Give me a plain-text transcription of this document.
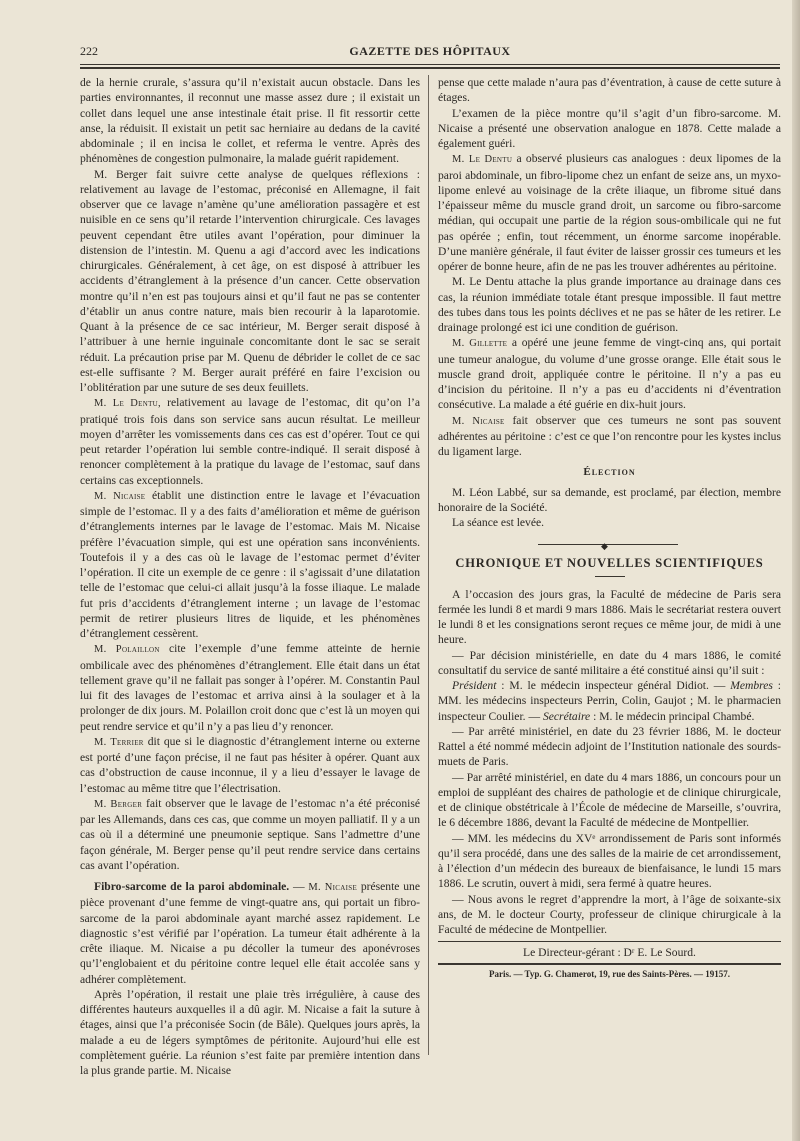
222	GAZETTE DES HÔPITAUX

de la hernie crurale, s’assura qu’il n’existait aucun obstacle. Dans les parties environnantes, il reconnut une masse assez dure ; il existait un collet dans lequel une anse intestinale était prise. Il fit ressortir cette anse, la réduisit. Il existait un petit sac herniaire au dedans de la cavité abdominale ; il en incisa le collet, et referma le ventre. Après des phénomènes de congestion pulmonaire, la malade guérit rapidement.

M. Berger fait suivre cette analyse de quelques réflexions : relativement au lavage de l’estomac, préconisé en Allemagne, il fait observer que ce lavage n’amène qu’une amélioration passagère et est nuisible en ce sens qu’il retarde l’intervention chirurgicale. Ces lavages peuvent cependant être utiles avant l’opération, pour diminuer la distension de l’intestin. M. Quenu a agi d’accord avec les indications chirurgicales. Généralement, à cet âge, on est disposé à attribuer les accidents d’étranglement à la présence d’un cancer. Cette observation montre qu’il n’en est pas toujours ainsi et qu’il faut ne pas se contenter d’établir un anus contre nature, mais bien recourir à la laparotomie. Quant à la présence de ce sac intérieur, M. Berger serait disposé à l’attribuer à une hernie inguinale concomitante dont le sac se serait réduit. La précaution prise par M. Quenu de débrider le collet de ce sac est-elle suffisante ? M. Berger aurait préféré en faire l’excision ou l’oblitération par une suture de ses deux feuillets.

M. Le Dentu, relativement au lavage de l’estomac, dit qu’on l’a pratiqué trois fois dans son service sans aucun résultat. Le meilleur moyen d’arrêter les vomissements dans ces cas est d’opérer. Tout ce qui peut retarder l’opération lui semble contre-indiqué. Il serait disposé à renoncer complètement à la pratique du lavage de l’estomac, sauf dans certains cas exceptionnels.

M. Nicaise établit une distinction entre le lavage et l’évacuation simple de l’estomac. Il y a des faits d’amélioration et même de guérison d’étranglements internes par le lavage de l’estomac. Mais M. Nicaise préfère l’évacuation simple, qui est une opération sans inconvénients. Toutefois il y a des cas où le lavage de l’estomac permet d’éviter l’opération. Il cite un exemple de ce genre : il s’agissait d’une dilatation telle de l’estomac que celui-ci allait jusqu’à la fosse iliaque. Le malade fut pris d’accidents d’étranglement interne ; un lavage de l’estomac permit de retirer plusieurs litres de liquide, et les phénomènes d’étranglement cessèrent.

M. Polaillon cite l’exemple d’une femme atteinte de hernie ombilicale avec des phénomènes d’étranglement. Elle était dans un état tellement grave qu’il ne fallait pas songer à l’opérer. M. Constantin Paul lui fit des lavages de l’estomac et arriva ainsi à la soulager et à la prolonger de dix jours. M. Polaillon croit donc que c’est là un moyen qui peut rendre service et qu’il n’y a pas lieu d’y renoncer.

M. Terrier dit que si le diagnostic d’étranglement interne ou externe est porté d’une façon précise, il ne faut pas hésiter à opérer. Quant aux cas d’obstruction de cause inconnue, il y a lieu d’essayer le lavage de l’estomac au même titre que l’électrisation.

M. Berger fait observer que le lavage de l’estomac n’a été préconisé par les Allemands, dans ces cas, que comme un moyen palliatif. Il y a un cas où il a déterminé une pneumonie septique. Sans l’admettre d’une façon générale, M. Berger pense qu’il peut rendre service dans certains cas avant l’opération.

Fibro-sarcome de la paroi abdominale. — M. Nicaise présente une pièce provenant d’une femme de vingt-quatre ans, qui portait un fibro-sarcome de la paroi abdominale ayant marché assez rapidement. Le diagnostic s’est vérifié par l’opération. La tumeur était adhérente à la crête iliaque. M. Nicaise a pu décoller la tumeur des aponévroses qu’l’englobaient et du péritoine contre lequel elle était accolée sans y adhérer complètement.

Après l’opération, il restait une plaie très irrégulière, à cause des différentes hauteurs auxquelles il a dû agir. M. Nicaise a fait la suture à étages, ainsi que l’a préconisée Socin (de Bâle). Quelques jours après, la malade a eu de légers symptômes de péritonite. Aujourd’hui elle est complètement guérie. La réunion s’est faite par première intention dans la plus grande partie. M. Nicaise

pense que cette malade n’aura pas d’éventration, à cause de cette suture à étages.

L’examen de la pièce montre qu’il s’agit d’un fibro-sarcome. M. Nicaise a présenté une observation analogue en 1878. Cette malade a également guéri.

M. Le Dentu a observé plusieurs cas analogues : deux lipomes de la paroi abdominale, un fibro-lipome chez un enfant de seize ans, un myxo-lipome enlevé au voisinage de la crête iliaque, un fibrome situé dans l’épaisseur même du muscle grand droit, un sarcome ou fibro-sarcome médian, qui occupait une partie de la région sous-ombilicale qui ne fut pas opérée ; enfin, tout récemment, un énorme sarcome inopérable. D’une manière générale, il faut éviter de laisser grossir ces tumeurs et les opérer de bonne heure, afin de ne pas les trouver adhérentes au péritoine.

M. Le Dentu attache la plus grande importance au drainage dans ces cas, la réunion immédiate totale étant presque impossible. Il faut mettre des tubes dans tous les points déclives et ne pas se hâter de les retirer. Le drainage prolongé est ici une condition de guérison.

M. Gillette a opéré une jeune femme de vingt-cinq ans, qui portait une tumeur analogue, du volume d’une grosse orange. Elle était sous le muscle grand droit, appliquée contre le péritoine. Il n’y a pas eu d’incision du péritoine. Il n’y a pas eu d’accidents ni d’éventration consécutive. La malade a été guérie en dix-huit jours.

M. Nicaise fait observer que ces tumeurs ne sont pas souvent adhérentes au péritoine : c’est ce que l’on rencontre pour les kystes inclus du ligament large.

Élection

M. Léon Labbé, sur sa demande, est proclamé, par élection, membre honoraire de la Société.

La séance est levée.

◆

CHRONIQUE ET NOUVELLES SCIENTIFIQUES

A l’occasion des jours gras, la Faculté de médecine de Paris sera fermée les lundi 8 et mardi 9 mars 1886. Mais le secrétariat restera ouvert le lundi 8 et les consignations seront reçues ce même jour, de midi à une heure.

— Par décision ministérielle, en date du 4 mars 1886, le comité consultatif du service de santé militaire a été constitué ainsi qu’il suit :

Président : M. le médecin inspecteur général Didiot. — Membres : MM. les médecins inspecteurs Perrin, Colin, Gaujot ; M. le pharmacien inspecteur Coulier. — Secrétaire : M. le médecin principal Chambé.

— Par arrêté ministériel, en date du 23 février 1886, M. le docteur Rattel a été nommé médecin adjoint de l’Institution nationale des sourds-muets de Paris.

— Par arrêté ministériel, en date du 4 mars 1886, un concours pour un emploi de suppléant des chaires de pathologie et de clinique chirurgicale, et de clinique obstétricale à l’École de médecine de Marseille, s’ouvrira, le 6 décembre 1886, devant la Faculté de médecine de Montpellier.

— MM. les médecins du XVᵉ arrondissement de Paris sont informés qu’il sera procédé, dans une des salles de la mairie de cet arrondissement, à l’élection d’un médecin des bureaux de bienfaisance, le lundi 15 mars 1886. Le scrutin, ouvert à midi, sera fermé à quatre heures.

— Nous avons le regret d’apprendre la mort, à l’âge de soixante-six ans, de M. le docteur Courty, professeur de clinique chirurgicale à la Faculté de médecine de Montpellier.

Le Directeur-gérant : Dʳ E. Le Sourd.

Paris. — Typ. G. Chamerot, 19, rue des Saints-Pères. — 19157.
